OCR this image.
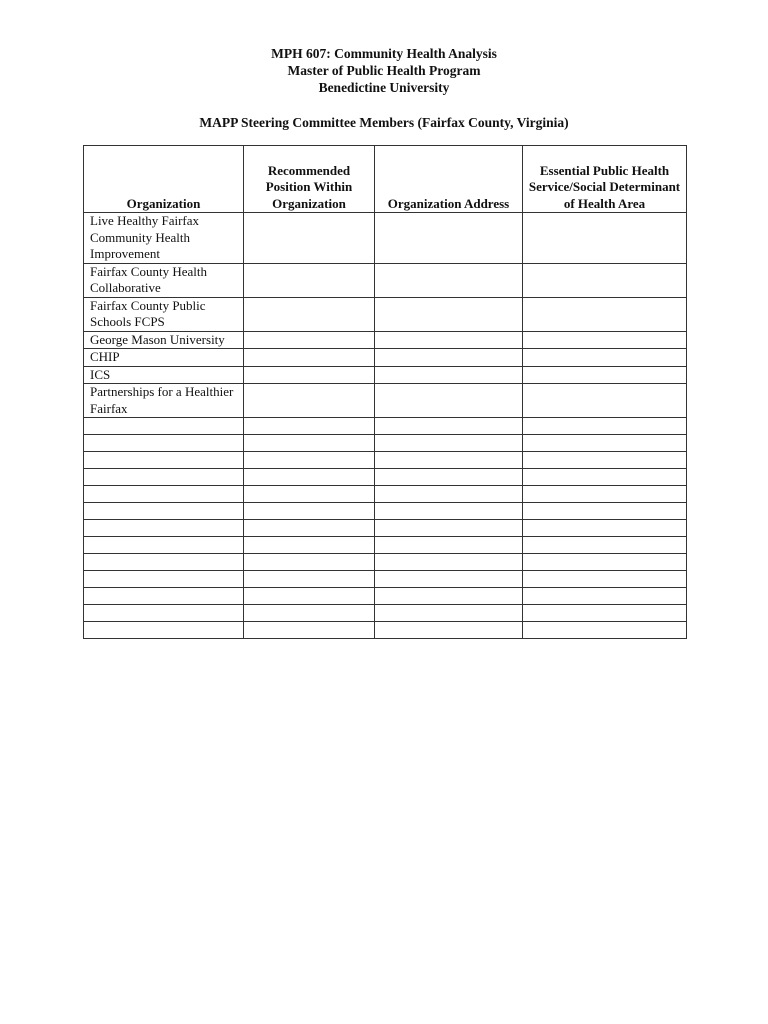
MPH 607: Community Health Analysis
Master of Public Health Program
Benedictine University
MAPP Steering Committee Members (Fairfax County, Virginia)
Organization	Recommended Position Within Organization	Organization Address	Essential Public Health Service/Social Determinant of Health Area
Live Healthy Fairfax Community Health Improvement			
Fairfax County Health Collaborative			
Fairfax County Public Schools FCPS			
George Mason University			
CHIP			
ICS			
Partnerships for a Healthier Fairfax			
